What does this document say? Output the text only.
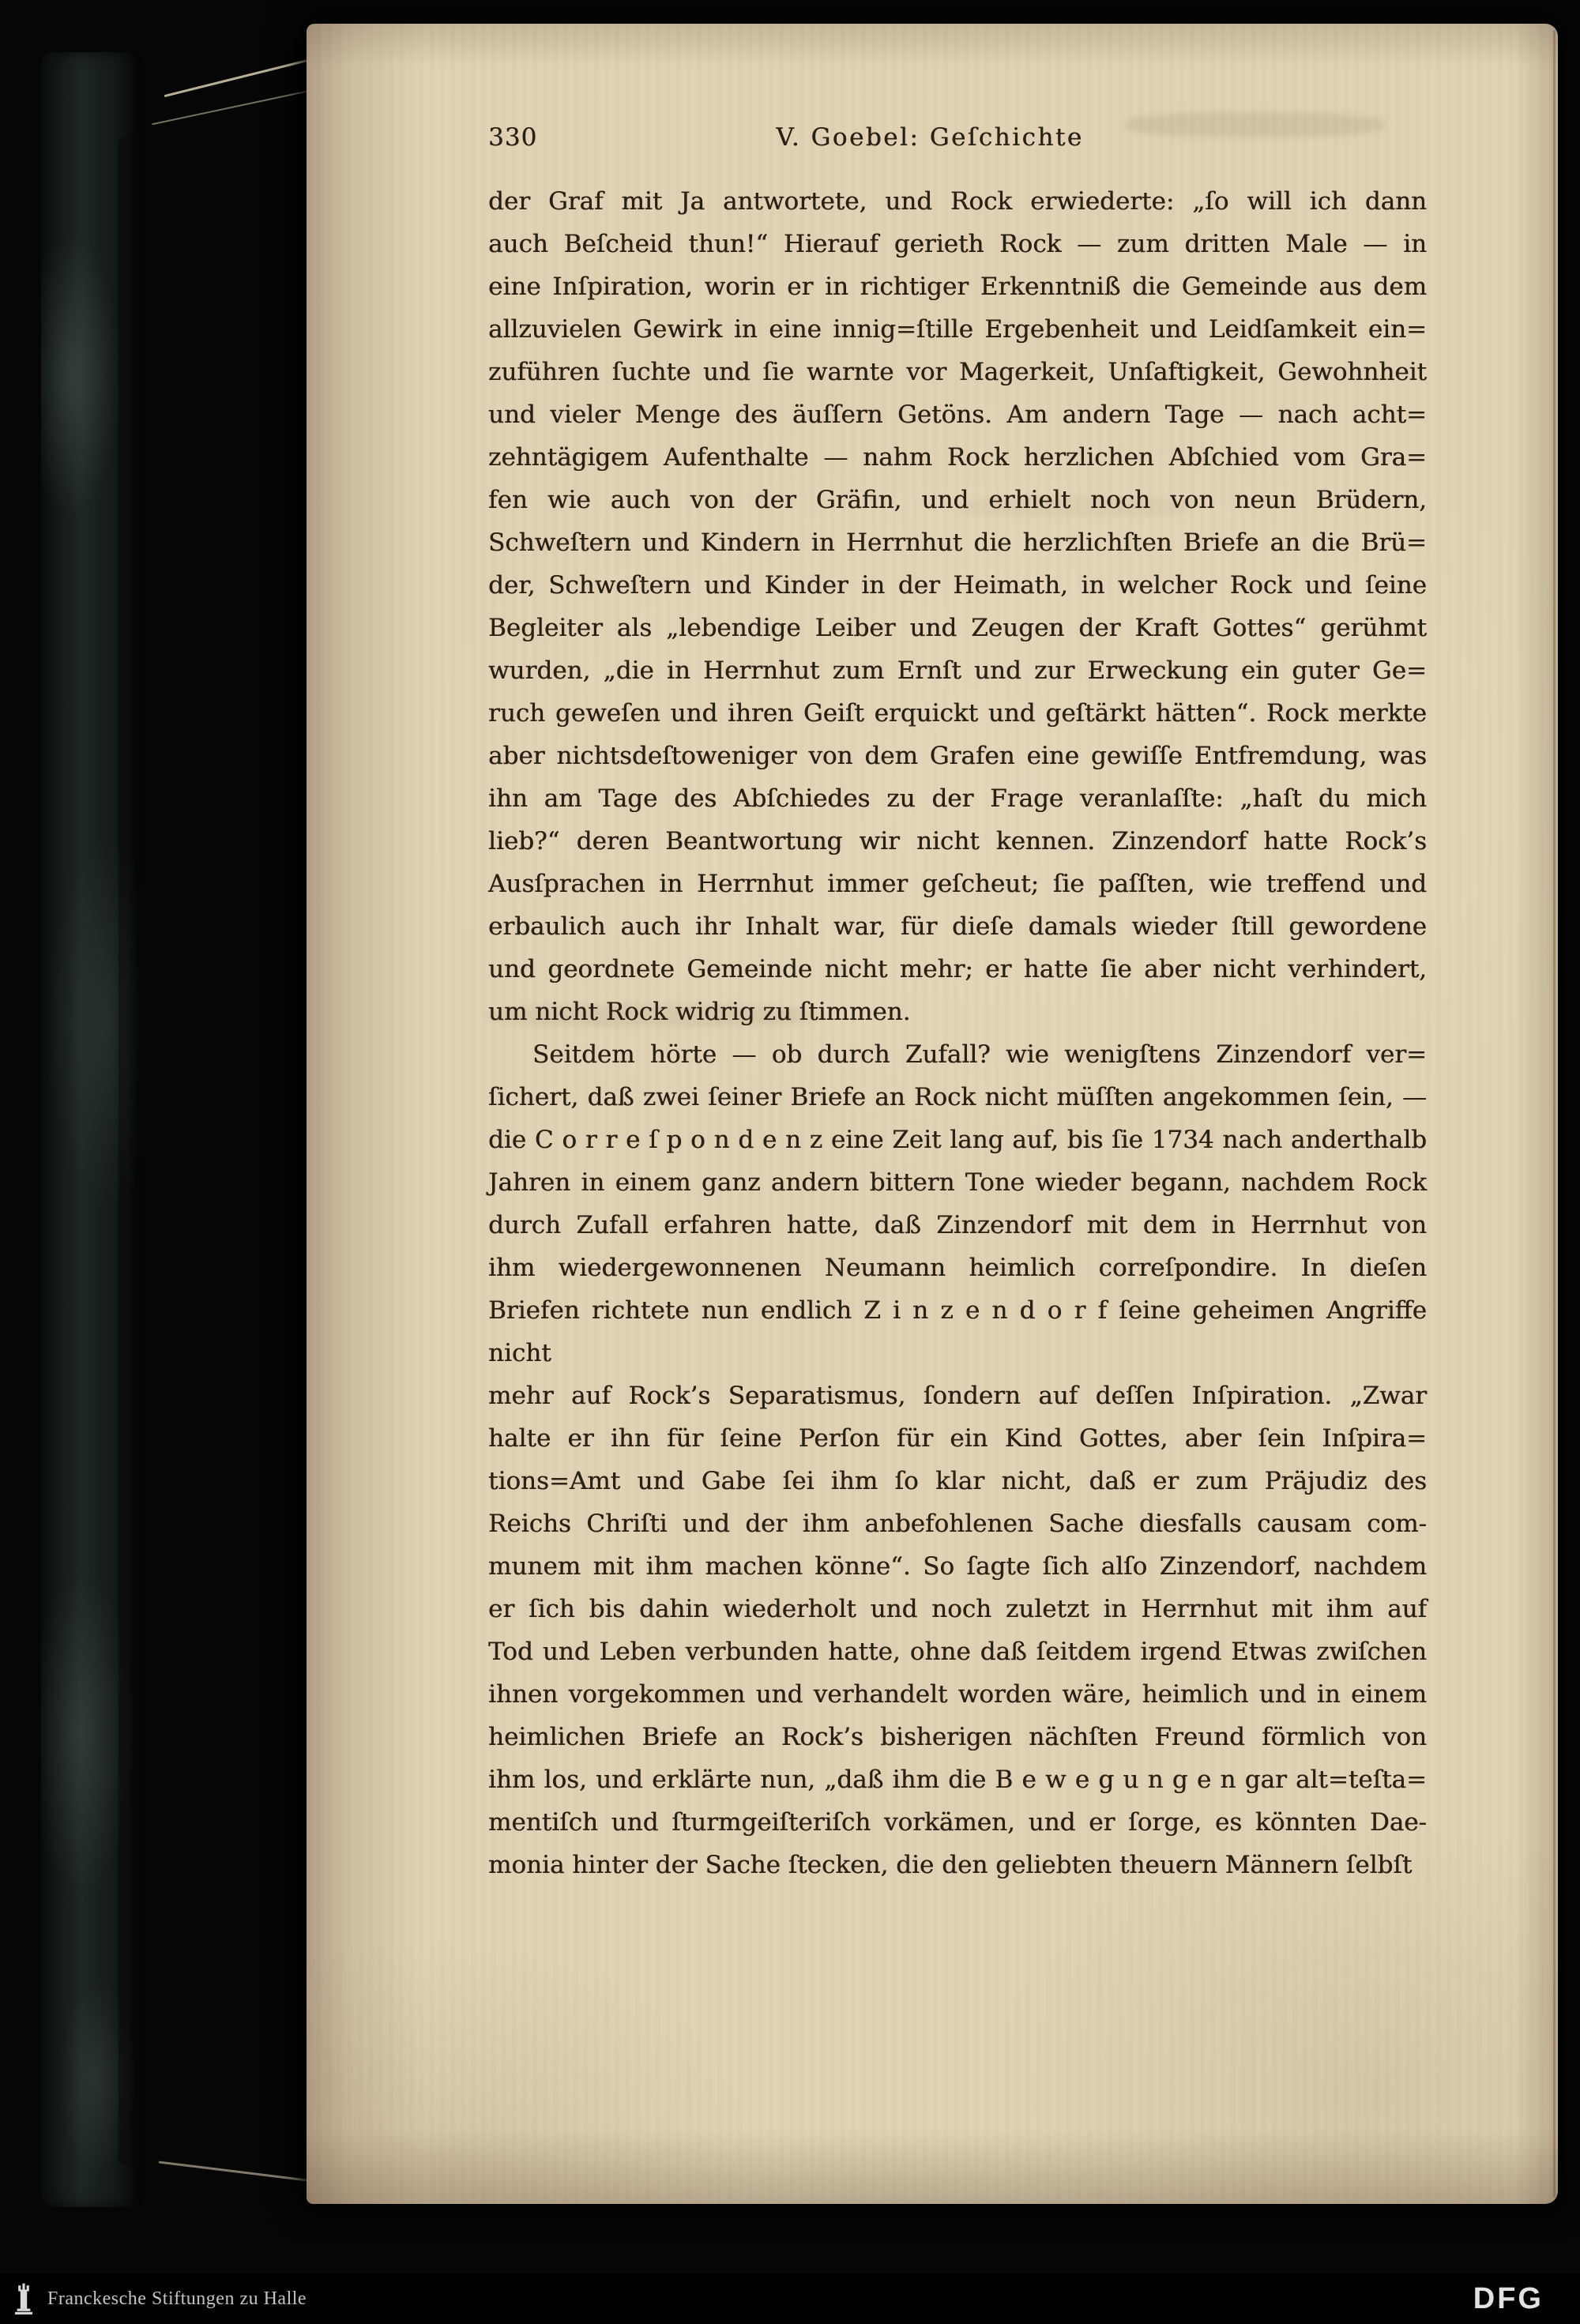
330	V. Goebel: Geſchichte
der Graf mit Ja antwortete, und Rock erwiederte: „ſo will ich dann
auch Beſcheid thun!“ Hierauf gerieth Rock — zum dritten Male — in
eine Inſpiration, worin er in richtiger Erkenntniß die Gemeinde aus dem
allzuvielen Gewirk in eine innig=ſtille Ergebenheit und Leidſamkeit ein=
zuführen ſuchte und ſie warnte vor Magerkeit, Unſaftigkeit, Gewohnheit
und vieler Menge des äuſſern Getöns. Am andern Tage — nach acht=
zehntägigem Aufenthalte — nahm Rock herzlichen Abſchied vom Gra=
fen wie auch von der Gräfin, und erhielt noch von neun Brüdern,
Schweſtern und Kindern in Herrnhut die herzlichſten Briefe an die Brü=
der, Schweſtern und Kinder in der Heimath, in welcher Rock und ſeine
Begleiter als „lebendige Leiber und Zeugen der Kraft Gottes“ gerühmt
wurden, „die in Herrnhut zum Ernſt und zur Erweckung ein guter Ge=
ruch geweſen und ihren Geiſt erquickt und geſtärkt hätten“. Rock merkte
aber nichtsdeſtoweniger von dem Grafen eine gewiſſe Entfremdung, was
ihn am Tage des Abſchiedes zu der Frage veranlaſſte: „haſt du mich
lieb?“ deren Beantwortung wir nicht kennen. Zinzendorf hatte Rock’s
Ausſprachen in Herrnhut immer geſcheut; ſie paſſten, wie treffend und
erbaulich auch ihr Inhalt war, für dieſe damals wieder ſtill gewordene
und geordnete Gemeinde nicht mehr; er hatte ſie aber nicht verhindert,
um nicht Rock widrig zu ſtimmen.
Seitdem hörte — ob durch Zufall? wie wenigſtens Zinzendorf ver=
ſichert, daß zwei ſeiner Briefe an Rock nicht müſſten angekommen ſein, —
die C o r r e ſ p o n d e n z eine Zeit lang auf, bis ſie 1734 nach anderthalb
Jahren in einem ganz andern bittern Tone wieder begann, nachdem Rock
durch Zufall erfahren hatte, daß Zinzendorf mit dem in Herrnhut von
ihm wiedergewonnenen Neumann heimlich correſpondire. In dieſen
Briefen richtete nun endlich Z i n z e n d o r f ſeine geheimen Angriffe nicht
mehr auf Rock’s Separatismus, ſondern auf deſſen Inſpiration. „Zwar
halte er ihn für ſeine Perſon für ein Kind Gottes, aber ſein Inſpira=
tions=Amt und Gabe ſei ihm ſo klar nicht, daß er zum Präjudiz des
Reichs Chriſti und der ihm anbefohlenen Sache diesfalls causam com-
munem mit ihm machen könne“. So ſagte ſich alſo Zinzendorf, nachdem
er ſich bis dahin wiederholt und noch zuletzt in Herrnhut mit ihm auf
Tod und Leben verbunden hatte, ohne daß ſeitdem irgend Etwas zwiſchen
ihnen vorgekommen und verhandelt worden wäre, heimlich und in einem
heimlichen Briefe an Rock’s bisherigen nächſten Freund förmlich von
ihm los, und erklärte nun, „daß ihm die B e w e g u n g e n gar alt=teſta=
mentiſch und ſturmgeiſteriſch vorkämen, und er ſorge, es könnten Dae-
monia hinter der Sache ſtecken, die den geliebten theuern Männern ſelbſt
Franckesche Stiftungen zu Halle	DFG
